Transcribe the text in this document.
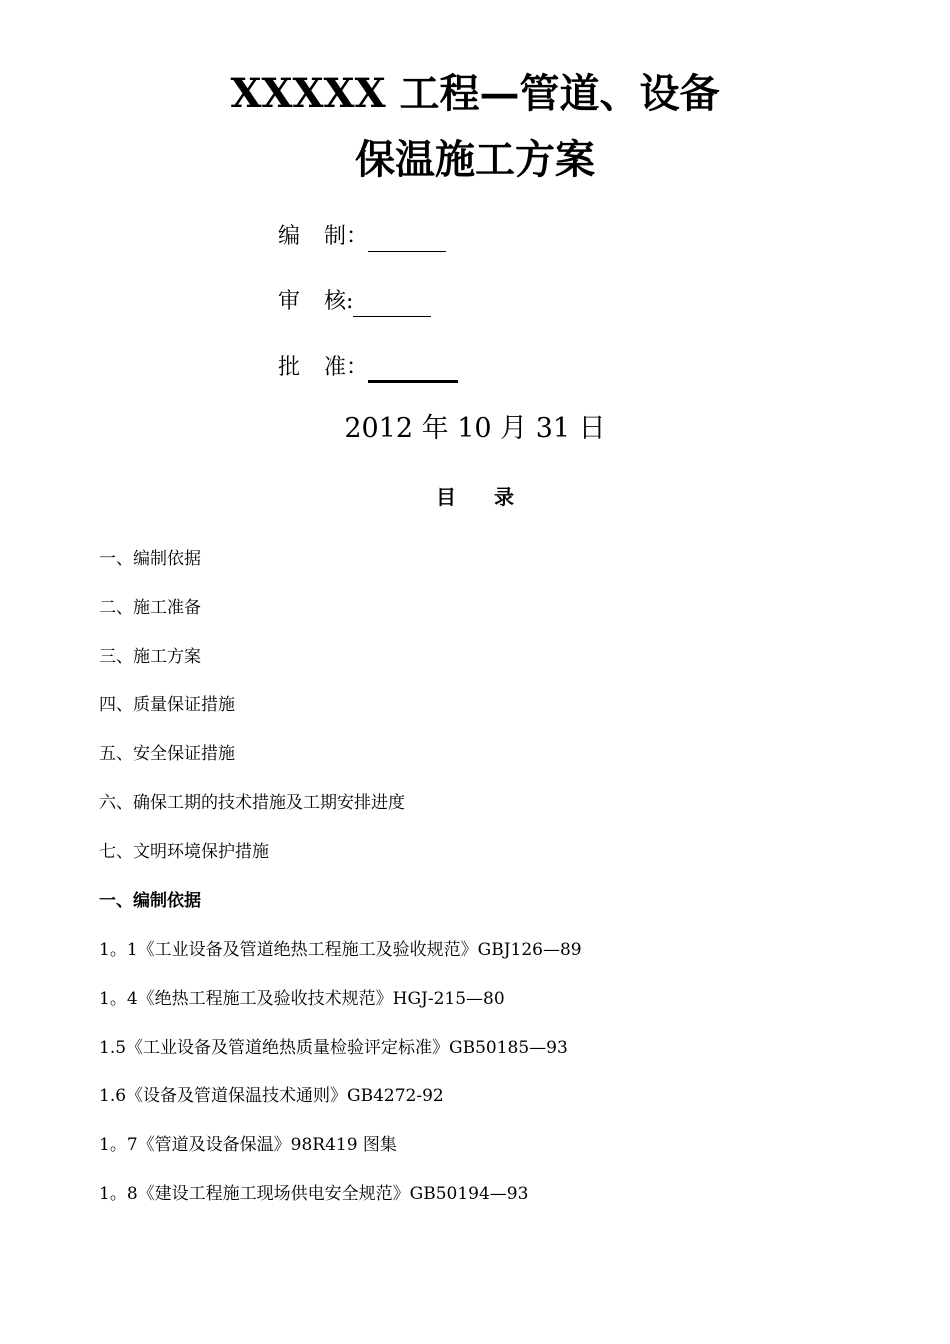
XXXXX 工程—管道、设备
保温施工方案
编 制：
审 核:
批 准：
2012 年 10 月 31 日
目 录
一、编制依据
二、施工准备
三、施工方案
四、质量保证措施
五、安全保证措施
六、确保工期的技术措施及工期安排进度
七、文明环境保护措施
一、编制依据
1。1《工业设备及管道绝热工程施工及验收规范》GBJ126—89
1。4《绝热工程施工及验收技术规范》HGJ-215—80
1.5《工业设备及管道绝热质量检验评定标准》GB50185—93
1.6《设备及管道保温技术通则》GB4272-92
1。7《管道及设备保温》98R419 图集
1。8《建设工程施工现场供电安全规范》GB50194—93
